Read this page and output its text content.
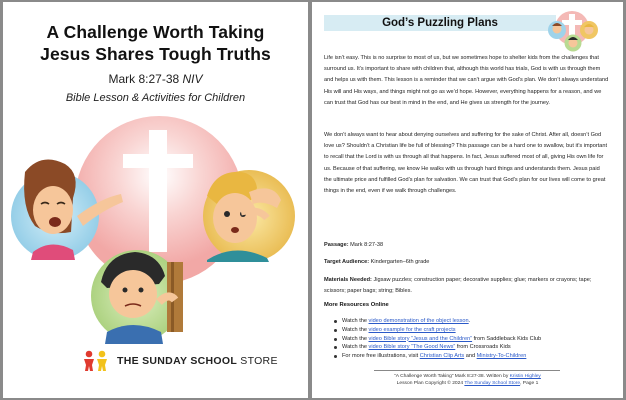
A Challenge Worth Taking
Jesus Shares Tough Truths
Mark 8:27-38 NIV
Bible Lesson & Activities for Children
THE SUNDAY SCHOOL STORE
God’s Puzzling Plans

Life isn’t easy. This is no surprise to most of us, but we sometimes hope to shelter kids from the challenges that surround us. It’s important to share with children that, although this world has trials, God is with us through them and helps us with them. This lesson is a reminder that we can’t argue with God’s plan. We don’t always understand His will and His ways, and things might not go as we’d hope. However, everything happens for a reason, and we can trust that God has our best in mind in the end, and He gives us strength for the journey.

We don’t always want to hear about denying ourselves and suffering for the sake of Christ. After all, doesn’t God love us? Shouldn’t a Christian life be full of blessing? This passage can be a hard one to swallow, but it’s important to recall that the Lord is with us through all that happens. In fact, Jesus suffered most of all, giving His own life for us. Because of that suffering, we know He walks with us through hard things and understands them. Jesus paid the ultimate price and fulfilled God’s plan for salvation. We can trust that God’s plan for our lives will come to great things in the end, even if we walk through challenges.

Passage: Mark 8:27-38
Target Audience: Kindergarten–6th grade
Materials Needed: Jigsaw puzzles; construction paper; decorative supplies; glue; markers or crayons; tape; scissors; paper bags; string; Bibles.
More Resources Online
Watch the video demonstration of the object lesson.
Watch the video example for the craft projects
Watch the video Bible story “Jesus and the Children” from Saddleback Kids Club
Watch the video Bible story “The Good News” from Crossroads Kids
For more free illustrations, visit Christian Clip Arts and Ministry-To-Children
“A Challenge Worth Taking” Mark 8:27-38. Written by Kristin Highley
Lesson Plan Copyright © 2024 The Sunday School Store, Page 1
